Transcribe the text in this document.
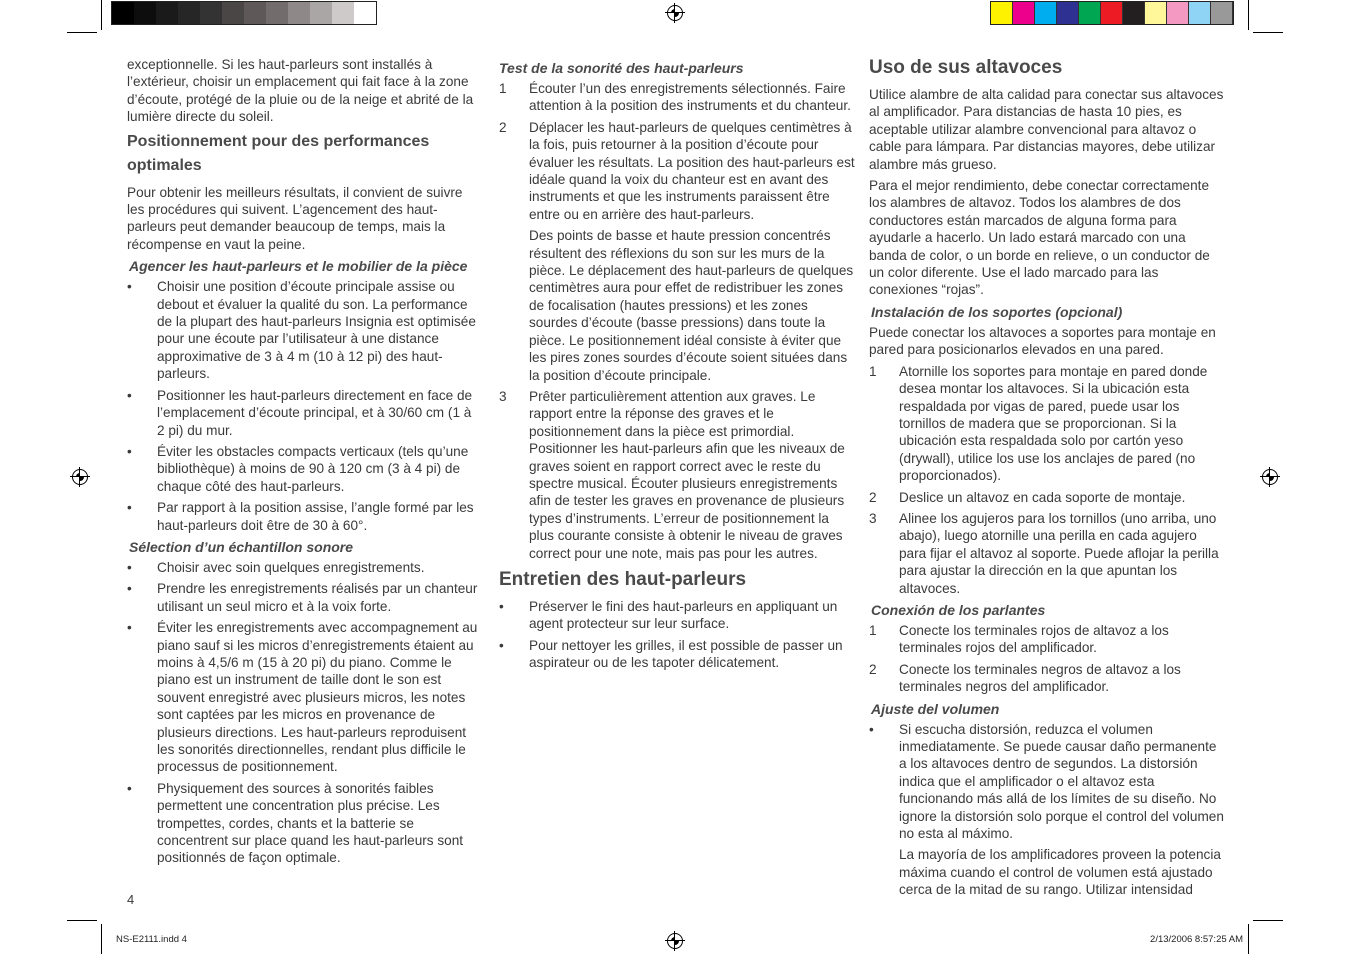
exceptionnelle. Si les haut-parleurs sont installés à l’extérieur, choisir un emplacement qui fait face à la zone d’écoute, protégé de la pluie ou de la neige et abrité de la lumière directe du soleil.

Positionnement pour des performances optimales

Pour obtenir les meilleurs résultats, il convient de suivre les procédures qui suivent. L’agencement des haut-parleurs peut demander beaucoup de temps, mais la récompense en vaut la peine.

Agencer les haut-parleurs et le mobilier de la pièce
• Choisir une position d’écoute principale assise ou debout et évaluer la qualité du son. La performance de la plupart des haut-parleurs Insignia est optimisée pour une écoute par l’utilisateur à une distance approximative de 3 à 4 m (10 à 12 pi) des haut-parleurs.
• Positionner les haut-parleurs directement en face de l’emplacement d’écoute principal, et à 30/60 cm (1 à 2 pi) du mur.
• Éviter les obstacles compacts verticaux (tels qu’une bibliothèque) à moins de 90 à 120 cm (3 à 4 pi) de chaque côté des haut-parleurs.
• Par rapport à la position assise, l’angle formé par les haut-parleurs doit être de 30 à 60°.
Sélection d’un échantillon sonore
• Choisir avec soin quelques enregistrements.
• Prendre les enregistrements réalisés par un chanteur utilisant un seul micro et à la voix forte.
• Éviter les enregistrements avec accompagnement au piano sauf si les micros d’enregistrements étaient au moins à 4,5/6 m (15 à 20 pi) du piano. Comme le piano est un instrument de taille dont le son est souvent enregistré avec plusieurs micros, les notes sont captées par les micros en provenance de plusieurs directions. Les haut-parleurs reproduisent les sonorités directionnelles, rendant plus difficile le processus de positionnement.
• Physiquement des sources à sonorités faibles permettent une concentration plus précise. Les trompettes, cordes, chants et la batterie se concentrent sur place quand les haut-parleurs sont positionnés de façon optimale.
Test de la sonorité des haut-parleurs
1 Écouter l’un des enregistrements sélectionnés. Faire attention à la position des instruments et du chanteur.
2 Déplacer les haut-parleurs de quelques centimètres à la fois, puis retourner à la position d’écoute pour évaluer les résultats. La position des haut-parleurs est idéale quand la voix du chanteur est en avant des instruments et que les instruments paraissent être entre ou en arrière des haut-parleurs.

Des points de basse et haute pression concentrés résultent des réflexions du son sur les murs de la pièce. Le déplacement des haut-parleurs de quelques centimètres aura pour effet de redistribuer les zones de focalisation (hautes pressions) et les zones sourdes d’écoute (basse pressions) dans toute la pièce. Le positionnement idéal consiste à éviter que les pires zones sourdes d’écoute soient situées dans la position d’écoute principale.

3 Prêter particulièrement attention aux graves. Le rapport entre la réponse des graves et le positionnement dans la pièce est primordial. Positionner les haut-parleurs afin que les niveaux de graves soient en rapport correct avec le reste du spectre musical. Écouter plusieurs enregistrements afin de tester les graves en provenance de plusieurs types d’instruments. L’erreur de positionnement la plus courante consiste à obtenir le niveau de graves correct pour une note, mais pas pour les autres.
Entretien des haut-parleurs
• Préserver le fini des haut-parleurs en appliquant un agent protecteur sur leur surface.
• Pour nettoyer les grilles, il est possible de passer un aspirateur ou de les tapoter délicatement.
Uso de sus altavoces

Utilice alambre de alta calidad para conectar sus altavoces al amplificador. Para distancias de hasta 10 pies, es aceptable utilizar alambre convencional para altavoz o cable para lámpara. Par distancias mayores, debe utilizar alambre más grueso.

Para el mejor rendimiento, debe conectar correctamente los alambres de altavoz. Todos los alambres de dos conductores están marcados de alguna forma para ayudarle a hacerlo. Un lado estará marcado con una banda de color, o un borde en relieve, o un conductor de un color diferente. Use el lado marcado para las conexiones “rojas”.

Instalación de los soportes (opcional)

Puede conectar los altavoces a soportes para montaje en pared para posicionarlos elevados en una pared.

1 Atornille los soportes para montaje en pared donde desea montar los altavoces. Si la ubicación esta respaldada por vigas de pared, puede usar los tornillos de madera que se proporcionan. Si la ubicación esta respaldada solo por cartón yeso (drywall), utilice los use los anclajes de pared (no proporcionados).
2 Deslice un altavoz en cada soporte de montaje.
3 Alinee los agujeros para los tornillos (uno arriba, uno abajo), luego atornille una perilla en cada agujero para fijar el altavoz al soporte. Puede aflojar la perilla para ajustar la dirección en la que apuntan los altavoces.
Conexión de los parlantes
1 Conecte los terminales rojos de altavoz a los terminales rojos del amplificador.
2 Conecte los terminales negros de altavoz a los terminales negros del amplificador.
Ajuste del volumen
• Si escucha distorsión, reduzca el volumen inmediatamente. Se puede causar daño permanente a los altavoces dentro de segundos. La distorsión indica que el amplificador o el altavoz esta funcionando más allá de los límites de su diseño. No ignore la distorsión solo porque el control del volumen no esta al máximo.

La mayoría de los amplificadores proveen la potencia máxima cuando el control de volumen está ajustado cerca de la mitad de su rango. Utilizar intensidad

4
NS-E2111.indd 4	2/13/2006 8:57:25 AM
